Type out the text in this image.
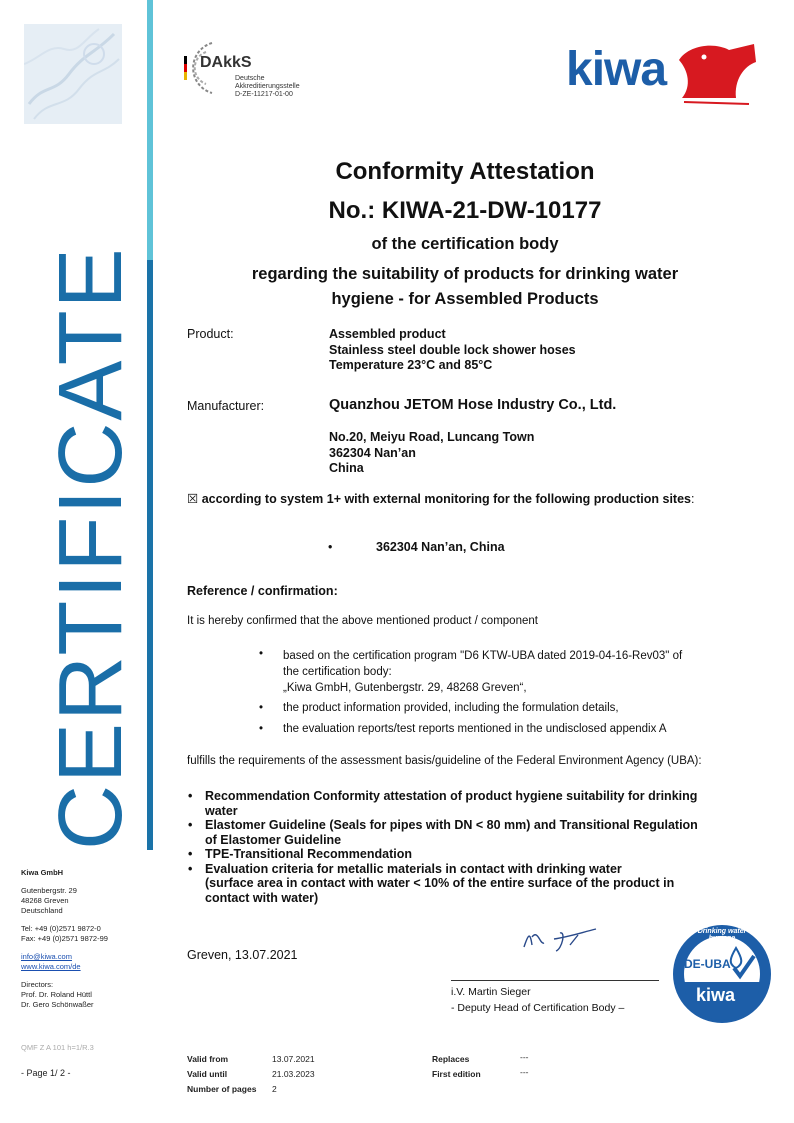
CERTIFICATE
Kiwa GmbH
Gutenbergstr. 29
48268 Greven
Deutschland
Tel: +49 (0)2571 9872-0
Fax: +49 (0)2571 9872-99
info@kiwa.com
www.kiwa.com/de
Directors:
Prof. Dr. Roland Hüttl
Dr. Gero Schönwaßer
QMF Z A 101 h=1/R.3
- Page 1/ 2 -
DAkkS
Deutsche
Akkreditierungsstelle
D-ZE-11217-01-00	kiwa
Conformity Attestation
No.: KIWA-21-DW-10177
of the certification body
regarding the suitability of products for drinking water
hygiene - for Assembled Products
Product:	Assembled product
Stainless steel double lock shower hoses
Temperature 23°C and 85°C
Manufacturer:	Quanzhou JETOM Hose Industry Co., Ltd.
No.20, Meiyu Road, Luncang Town
362304 Nan’an
China
☒ according to system 1+ with external monitoring for the following production sites:
•	362304 Nan’an, China
Reference / confirmation:
It is hereby confirmed that the above mentioned product / component
• based on the certification program "D6 KTW-UBA dated 2019-04-16-Rev03" of
the certification body:
„Kiwa GmbH, Gutenbergstr. 29, 48268 Greven“,
• the product information provided, including the formulation details,
• the evaluation reports/test reports mentioned in the undisclosed appendix A
fulfills the requirements of the assessment basis/guideline of the Federal Environment Agency (UBA):
Recommendation Conformity attestation of product hygiene suitability for drinking
water
Elastomer Guideline (Seals for pipes with DN < 80 mm) and Transitional Regulation
of Elastomer Guideline
TPE-Transitional Recommendation
Evaluation criteria for metallic materials in contact with drinking water
(surface area in contact with water < 10% of the entire surface of the product in
contact with water)
•
•
•
•
Greven, 13.07.2021
i.V. Martin Sieger
- Deputy Head of Certification Body –
Drinking water hygiene
DE-UBA
kiwa
Valid from	13.07.2021
Valid until	21.03.2023
Number of pages 2
Replaces	---
First edition	---
